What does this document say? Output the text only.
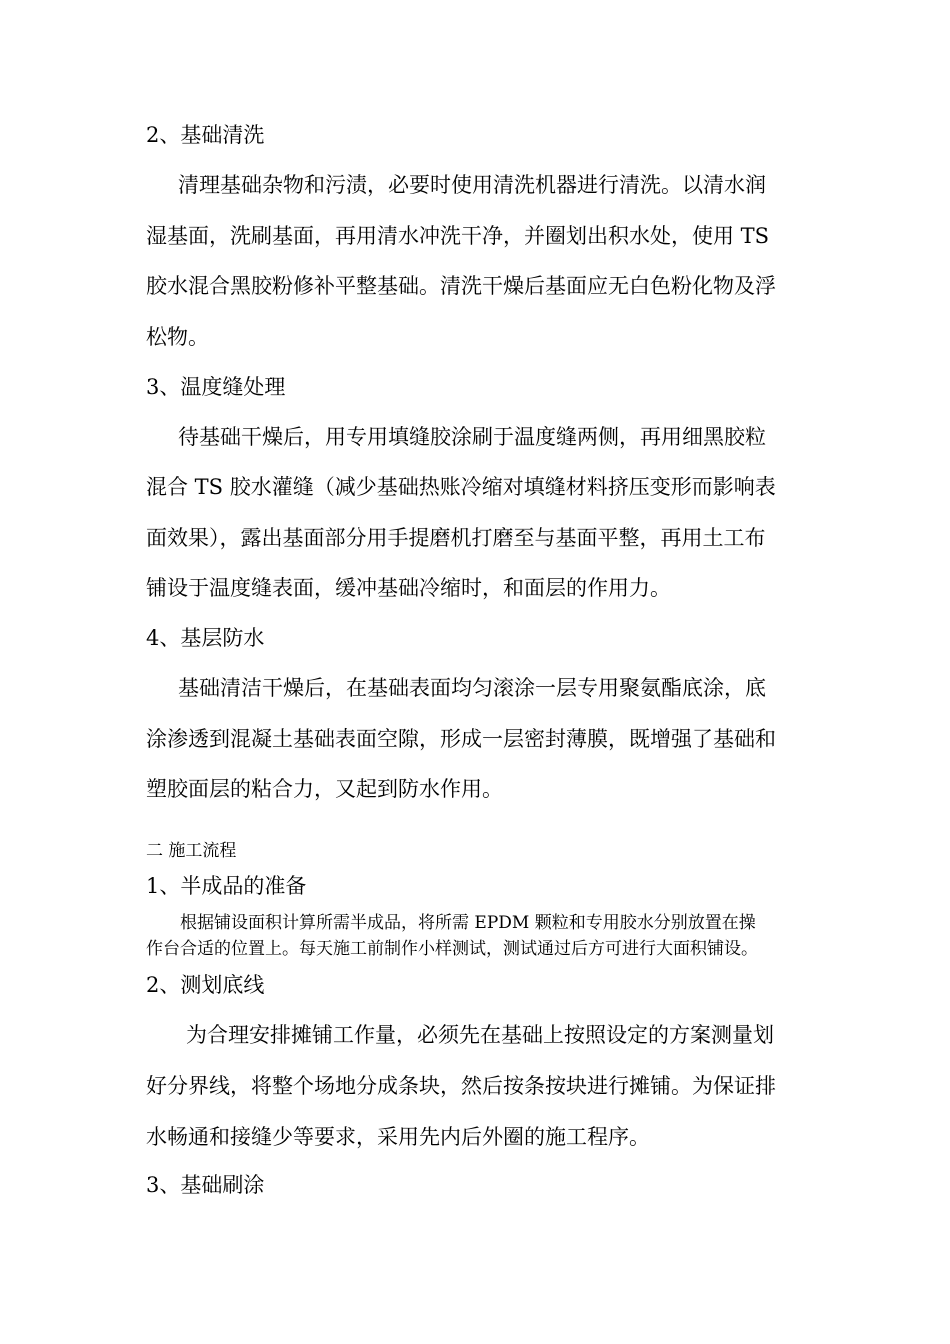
2、基础清洗
清理基础杂物和污渍，必要时使用清洗机器进行清洗。以清水润
湿基面，洗刷基面，再用清水冲洗干净，并圈划出积水处，使用 TS
胶水混合黑胶粉修补平整基础。清洗干燥后基面应无白色粉化物及浮
松物。
3、温度缝处理
待基础干燥后，用专用填缝胶涂刷于温度缝两侧，再用细黑胶粒
混合 TS 胶水灌缝（减少基础热账冷缩对填缝材料挤压变形而影响表
面效果），露出基面部分用手提磨机打磨至与基面平整，再用土工布
铺设于温度缝表面，缓冲基础冷缩时，和面层的作用力。
4、基层防水
基础清洁干燥后，在基础表面均匀滚涂一层专用聚氨酯底涂，底
涂渗透到混凝土基础表面空隙，形成一层密封薄膜，既增强了基础和
塑胶面层的粘合力，又起到防水作用。
二 施工流程
1、半成品的准备
根据铺设面积计算所需半成品，将所需 EPDM 颗粒和专用胶水分别放置在操
作台合适的位置上。每天施工前制作小样测试，测试通过后方可进行大面积铺设。
2、测划底线
为合理安排摊铺工作量，必须先在基础上按照设定的方案测量划
好分界线，将整个场地分成条块，然后按条按块进行摊铺。为保证排
水畅通和接缝少等要求，采用先内后外圈的施工程序。
3、基础刷涂
